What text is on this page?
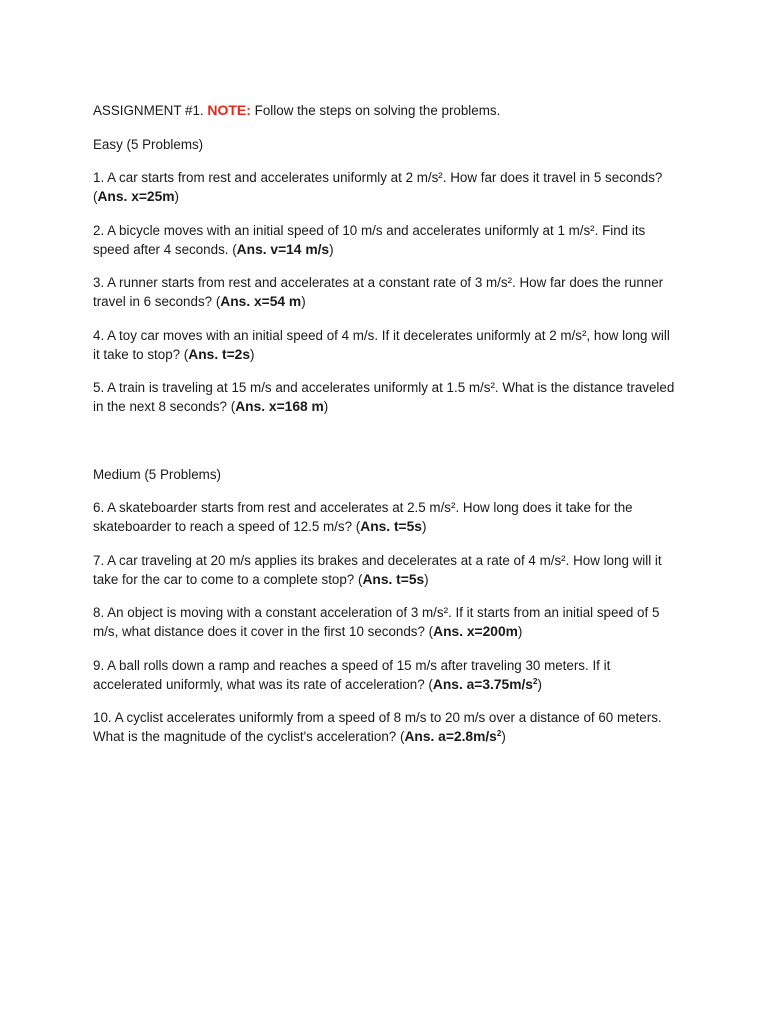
ASSIGNMENT #1. NOTE: Follow the steps on solving the problems.
Easy (5 Problems)
1. A car starts from rest and accelerates uniformly at 2 m/s². How far does it travel in 5 seconds? (Ans. x=25m)
2. A bicycle moves with an initial speed of 10 m/s and accelerates uniformly at 1 m/s². Find its speed after 4 seconds. (Ans. v=14 m/s)
3. A runner starts from rest and accelerates at a constant rate of 3 m/s². How far does the runner travel in 6 seconds? (Ans. x=54 m)
4. A toy car moves with an initial speed of 4 m/s. If it decelerates uniformly at 2 m/s², how long will it take to stop? (Ans. t=2s)
5. A train is traveling at 15 m/s and accelerates uniformly at 1.5 m/s². What is the distance traveled in the next 8 seconds? (Ans. x=168 m)
Medium (5 Problems)
6. A skateboarder starts from rest and accelerates at 2.5 m/s². How long does it take for the skateboarder to reach a speed of 12.5 m/s? (Ans. t=5s)
7. A car traveling at 20 m/s applies its brakes and decelerates at a rate of 4 m/s². How long will it take for the car to come to a complete stop? (Ans. t=5s)
8. An object is moving with a constant acceleration of 3 m/s². If it starts from an initial speed of 5 m/s, what distance does it cover in the first 10 seconds? (Ans. x=200m)
9. A ball rolls down a ramp and reaches a speed of 15 m/s after traveling 30 meters. If it accelerated uniformly, what was its rate of acceleration? (Ans. $a=3.75m/s^2$)
10. A cyclist accelerates uniformly from a speed of 8 m/s to 20 m/s over a distance of 60 meters. What is the magnitude of the cyclist's acceleration? (Ans. $a=2.8m/s^2$)
